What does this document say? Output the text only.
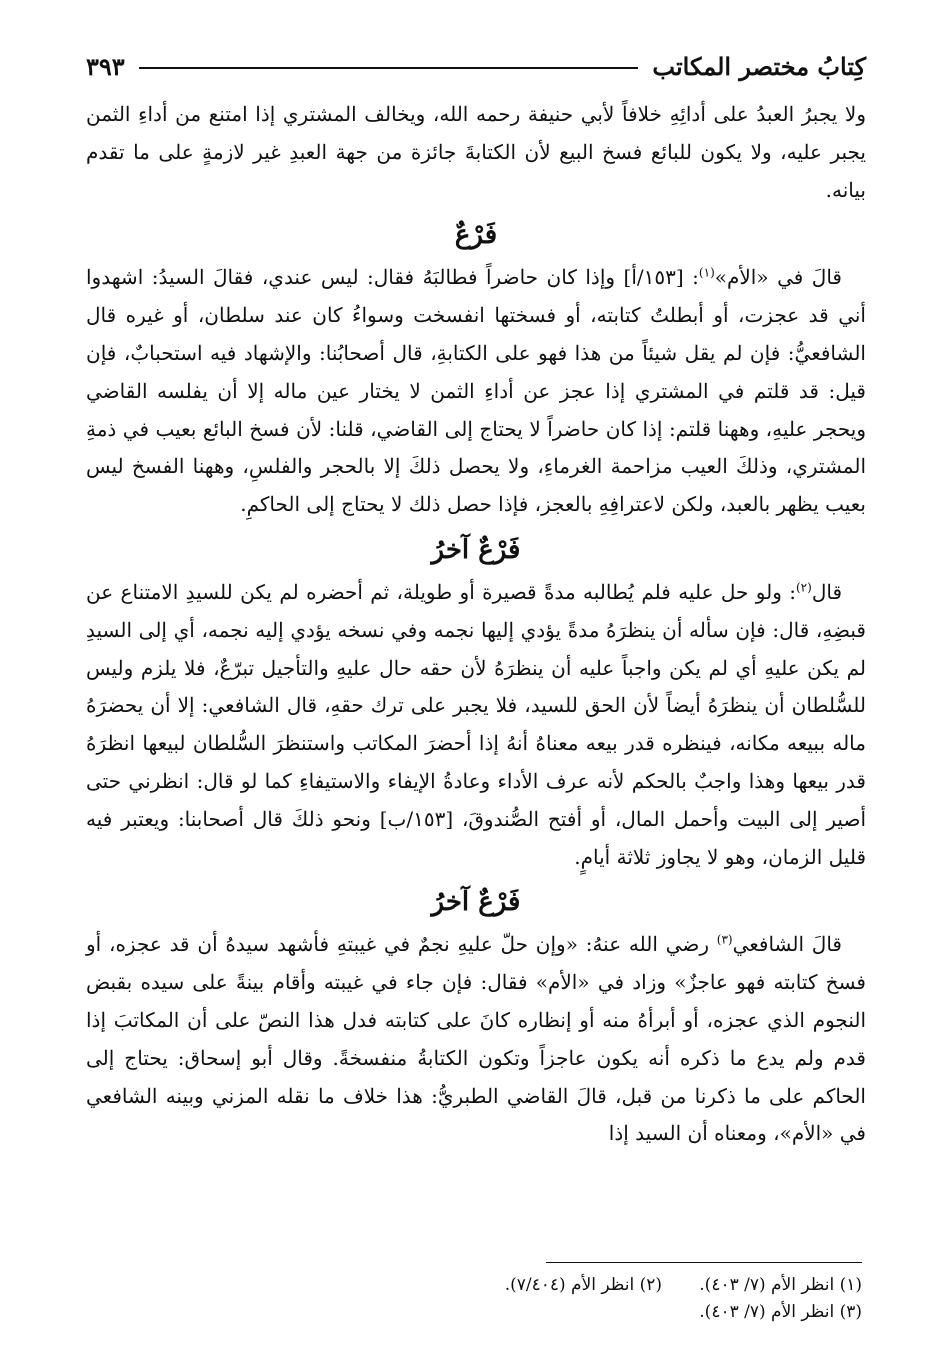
كِتابُ مختصر المكاتب
٣٩٣

ولا يجبرُ العبدُ على أدائِهِ خلافاً لأبي حنيفة رحمه الله، ويخالف المشتري إذا امتنع من أداءِ الثمن يجبر عليه، ولا يكون للبائع فسخ البيع لأن الكتابةَ جائزة من جهة العبدِ غير لازمةٍ على ما تقدم بيانه.

فَرْعٌ

قالَ في «الأم»$^{(١)}$: [١٥٣/أ] وإذا كان حاضراً فطالبَهُ فقال: ليس عندي، فقالَ السيدُ: اشهدوا أني قد عجزت، أو أبطلتُ كتابته، أو فسختها انفسخت وسواءُ كان عند سلطان، أو غيره قال الشافعيُّ: فإن لم يقل شيئاً من هذا فهو على الكتابةِ، قال أصحابُنا: والإشهاد فيه استحبابٌ، فإن قيل: قد قلتم في المشتري إذا عجز عن أداءِ الثمن لا يختار عين ماله إلا أن يفلسه القاضي ويحجر عليهِ، وههنا قلتم: إذا كان حاضراً لا يحتاج إلى القاضي، قلنا: لأن فسخ البائع بعيب في ذمةِ المشتري، وذلكَ العيب مزاحمة الغرماءِ، ولا يحصل ذلكَ إلا بالحجر والفلسِ، وههنا الفسخ ليس بعيب يظهر بالعبد، ولكن لاعترافِهِ بالعجز، فإذا حصل ذلك لا يحتاج إلى الحاكمِ.

فَرْعٌ آخرُ

قال$^{(٢)}$: ولو حل عليه فلم يُطالبه مدةً قصيرة أو طويلة، ثم أحضره لم يكن للسيدِ الامتناع عن قبضِهِ، قال: فإن سأله أن ينظرَهُ مدةً يؤدي إليها نجمه وفي نسخه يؤدي إليه نجمه، أي إلى السيدِ لم يكن عليهِ أي لم يكن واجباً عليه أن ينظرَهُ لأن حقه حال عليهِ والتأجيل تبرّعٌ، فلا يلزم وليس للسُّلطان أن ينظرَهُ أيضاً لأن الحق للسيد، فلا يجبر على ترك حقهِ، قال الشافعي: إلا أن يحضرَهُ ماله ببيعه مكانه، فينظره قدر بيعه معناهُ أنهُ إذا أحضرَ المكاتب واستنظرَ السُّلطان لبيعها انظرَهُ قدر بيعها وهذا واجبٌ بالحكم لأنه عرف الأداء وعادةُ الإيفاء والاستيفاءِ كما لو قال: انظرني حتى أصير إلى البيت وأحمل المال، أو أفتح الصُّندوقَ، [١٥٣/ب] ونحو ذلكَ قال أصحابنا: ويعتبر فيه قليل الزمان، وهو لا يجاوز ثلاثة أيامٍ.

فَرْعٌ آخرُ

قالَ الشافعي$^{(٣)}$ رضي الله عنهُ: «وإن حلّ عليهِ نجمٌ في غيبتهِ فأشهد سيدهُ أن قد عجزه، أو فسخ كتابته فهو عاجزٌ» وزاد في «الأم» فقال: فإن جاء في غيبته وأقام بينةً على سيده بقبض النجوم الذي عجزه، أو أبرأهُ منه أو إنظاره كانَ على كتابته فدل هذا النصّ على أن المكاتبَ إذا قدم ولم يدع ما ذكره أنه يكون عاجزاً وتكون الكتابةُ منفسخةً. وقال أبو إسحاق: يحتاج إلى الحاكم على ما ذكرنا من قبل، قالَ القاضي الطبريُّ: هذا خلاف ما نقله المزني وبينه الشافعي في «الأم»، ومعناه أن السيد إذا

(١) انظر الأم (٧/ ٤٠٣).
(٢) انظر الأم (٧/٤٠٤).
(٣) انظر الأم (٧/ ٤٠٣).
